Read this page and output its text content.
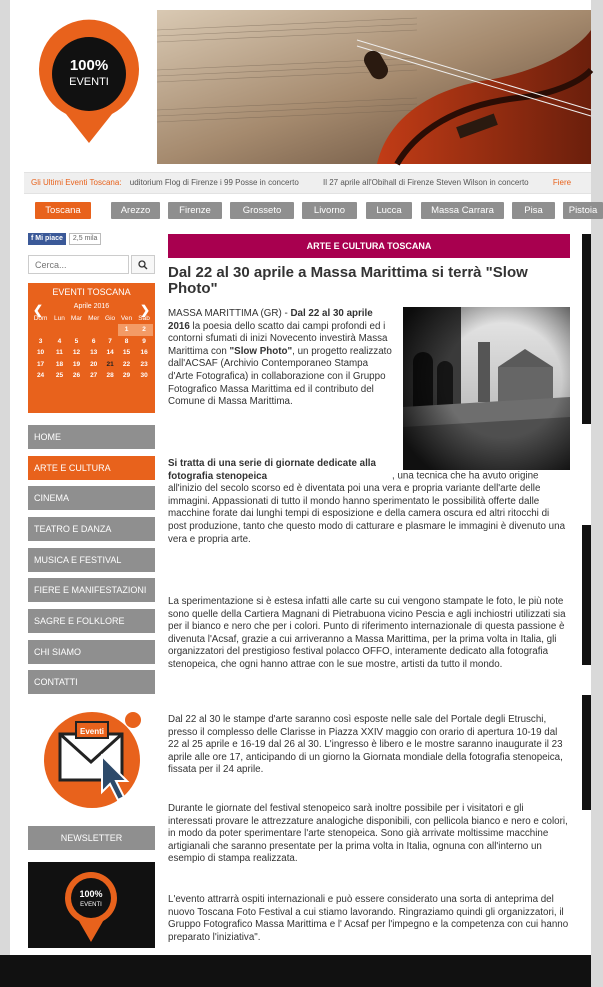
100%
EVENTI
Gli Ultimi Eventi Toscana: uditorium Flog di Firenze i 99 Posse in concerto	Il 27 aprile all'Obihall di Firenze Steven Wilson in concerto	Fiere
Toscana	Arezzo	Firenze	Grosseto	Livorno	Lucca	Massa Carrara	Pisa	Pistoia
f Mi piace 2,5 mila
Cerca...
EVENTI TOSCANA
❮	❯
Aprile 2016
Dom	Lun	Mar	Mer	Gio	Ven	Sab
					1	2
3	4	5	6	7	8	9
10	11	12	13	14	15	16
17	18	19	20	21	22	23
24	25	26	27	28	29	30
HOME
ARTE E CULTURA
CINEMA
TEATRO E DANZA
MUSICA E FESTIVAL
FIERE E MANIFESTAZIONI
SAGRE E FOLKLORE
CHI SIAMO
CONTATTI
Eventi
NEWSLETTER
100%
EVENTI
ARTE E CULTURA TOSCANA
Dal 22 al 30 aprile a Massa Marittima si terrà "Slow Photo"
MASSA MARITTIMA (GR) - Dal 22 al 30 aprile 2016 la poesia dello scatto dai campi profondi ed i contorni sfumati di inizi Novecento investirà Massa Marittima con "Slow Photo", un progetto realizzato dall'ACSAF (Archivio Contemporaneo Stampa d'Arte Fotografica) in collaborazione con il Gruppo Fotografico Massa Marittima ed il contributo del Comune di Massa Marittima.
Si tratta di una serie di giornate dedicate alla fotografia stenopeica	, una tecnica che ha avuto origine all'inizio del secolo scorso ed è diventata poi una vera e propria variante dell'arte delle immagini. Appassionati di tutto il mondo hanno sperimentato le possibilità offerte dalle macchine forate dai lunghi tempi di esposizione e della camera oscura ed altri ritocchi di post produzione, tanto che questo modo di catturare e plasmare le immagini è divenuto una vera e propria arte.
La sperimentazione si è estesa infatti alle carte su cui vengono stampate le foto, le più note sono quelle della Cartiera Magnani di Pietrabuona vicino Pescia e agli inchiostri utilizzati sia per il bianco e nero che per i colori. Punto di riferimento internazionale di questa passione è divenuta l'Acsaf, grazie a cui arriveranno a Massa Marittima, per la prima volta in Italia, gli organizzatori del prestigioso festival polacco OFFO, interamente dedicato alla fotografia stenopeica, che ogni hanno attrae con le sue mostre, artisti da tutto il mondo.
Dal 22 al 30 le stampe d'arte saranno così esposte nelle sale del Portale degli Etruschi, presso il complesso delle Clarisse in Piazza XXIV maggio con orario di apertura 10-19 dal 22 al 25 aprile e 16-19 dal 26 al 30. L'ingresso è libero e le mostre saranno inaugurate il 23 aprile alle ore 17, anticipando di un giorno la Giornata mondiale della fotografia stenopeica, fissata per il 24 aprile.
Durante le giornate del festival stenopeico sarà inoltre possibile per i visitatori e gli interessati provare le attrezzature analogiche disponibili, con pellicola bianco e nero e colori, in modo da poter sperimentare l'arte stenopeica. Sono già arrivate moltissime macchine artigianali che saranno presentate per la prima volta in Italia, ognuna con all'interno un esempio di stampa realizzata.
L'evento attrarrà ospiti internazionali e può essere considerato una sorta di anteprima del nuovo Toscana Foto Festival a cui stiamo lavorando. Ringraziamo quindi gli organizzatori, il Gruppo Fotografico Massa Marittima e l' Acsaf per l'impegno e la competenza con cui hanno preparato l'iniziativa".
